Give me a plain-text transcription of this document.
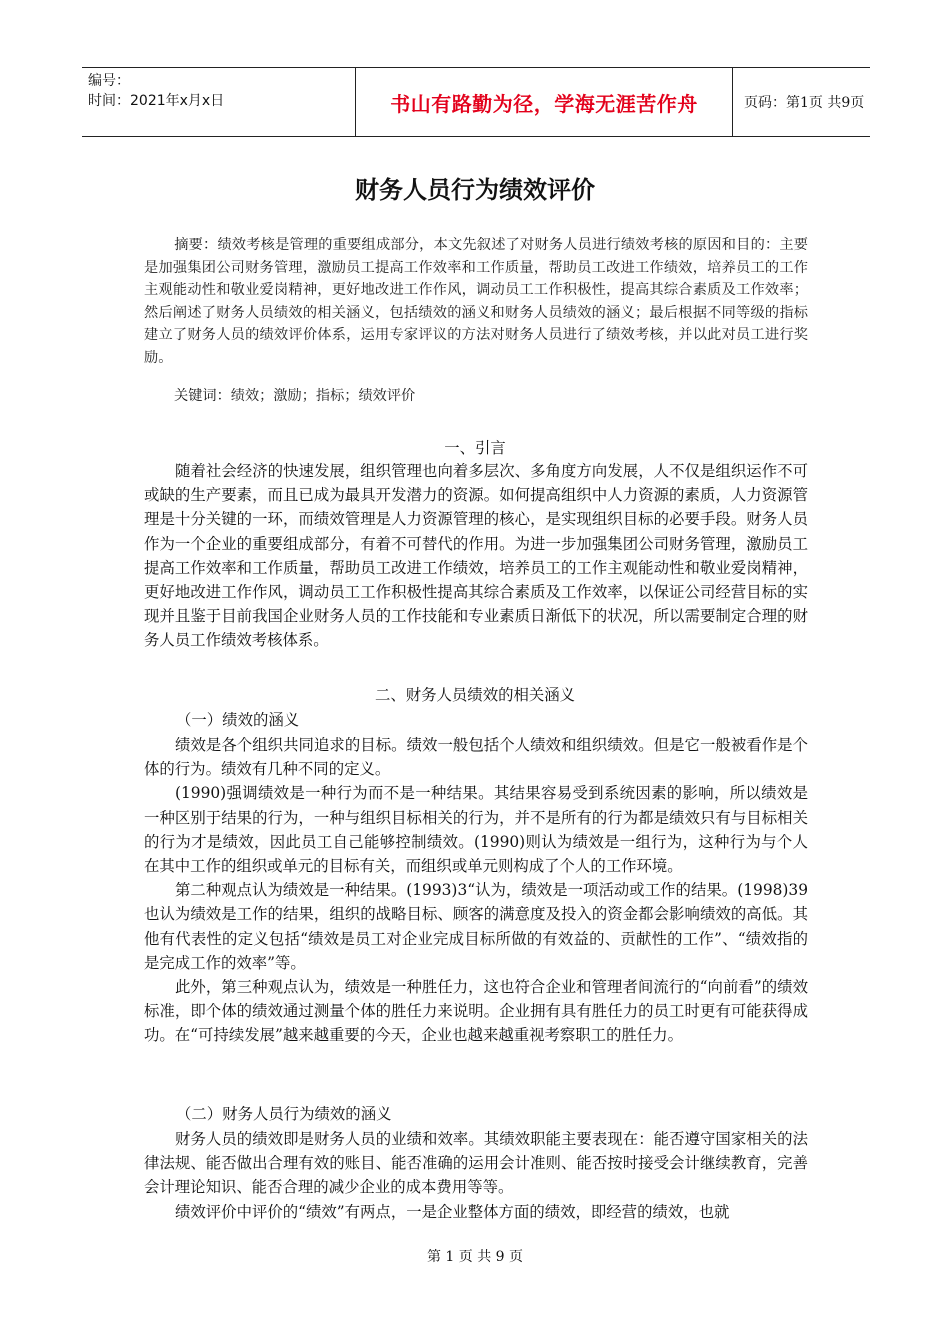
编号：
时间：2021年x月x日	书山有路勤为径，学海无涯苦作舟	页码：第1页 共9页
财务人员行为绩效评价
摘要：绩效考核是管理的重要组成部分，本文先叙述了对财务人员进行绩效考核的原因和目的：主要是加强集团公司财务管理，激励员工提高工作效率和工作质量，帮助员工改进工作绩效，培养员工的工作主观能动性和敬业爱岗精神，更好地改进工作作风，调动员工工作积极性，提高其综合素质及工作效率；然后阐述了财务人员绩效的相关涵义，包括绩效的涵义和财务人员绩效的涵义；最后根据不同等级的指标建立了财务人员的绩效评价体系，运用专家评议的方法对财务人员进行了绩效考核，并以此对员工进行奖励。
关键词：绩效；激励；指标；绩效评价
一、引言

随着社会经济的快速发展，组织管理也向着多层次、多角度方向发展，人不仅是组织运作不可或缺的生产要素，而且已成为最具开发潜力的资源。如何提高组织中人力资源的素质，人力资源管理是十分关键的一环，而绩效管理是人力资源管理的核心，是实现组织目标的必要手段。财务人员作为一个企业的重要组成部分，有着不可替代的作用。为进一步加强集团公司财务管理，激励员工提高工作效率和工作质量，帮助员工改进工作绩效，培养员工的工作主观能动性和敬业爱岗精神，更好地改进工作作风，调动员工工作积极性提高其综合素质及工作效率，以保证公司经营目标的实现并且鉴于目前我国企业财务人员的工作技能和专业素质日渐低下的状况，所以需要制定合理的财务人员工作绩效考核体系。

二、财务人员绩效的相关涵义
（一）绩效的涵义

绩效是各个组织共同追求的目标。绩效一般包括个人绩效和组织绩效。但是它一般被看作是个体的行为。绩效有几种不同的定义。

(1990)强调绩效是一种行为而不是一种结果。其结果容易受到系统因素的影响，所以绩效是一种区别于结果的行为，一种与组织目标相关的行为，并不是所有的行为都是绩效只有与目标相关的行为才是绩效，因此员工自己能够控制绩效。(1990)则认为绩效是一组行为，这种行为与个人在其中工作的组织或单元的目标有关，而组织或单元则构成了个人的工作环境。

第二种观点认为绩效是一种结果。(1993)3“认为，绩效是一项活动或工作的结果。(1998)39也认为绩效是工作的结果，组织的战略目标、顾客的满意度及投入的资金都会影响绩效的高低。其他有代表性的定义包括“绩效是员工对企业完成目标所做的有效益的、贡献性的工作”、“绩效指的是完成工作的效率”等。

此外，第三种观点认为，绩效是一种胜任力，这也符合企业和管理者间流行的“向前看”的绩效标准，即个体的绩效通过测量个体的胜任力来说明。企业拥有具有胜任力的员工时更有可能获得成功。在“可持续发展”越来越重要的今天，企业也越来越重视考察职工的胜任力。

（二）财务人员行为绩效的涵义

财务人员的绩效即是财务人员的业绩和效率。其绩效职能主要表现在：能否遵守国家相关的法律法规、能否做出合理有效的账目、能否准确的运用会计准则、能否按时接受会计继续教育，完善会计理论知识、能否合理的减少企业的成本费用等等。

绩效评价中评价的“绩效”有两点，一是企业整体方面的绩效，即经营的绩效，也就

第 1 页 共 9 页
